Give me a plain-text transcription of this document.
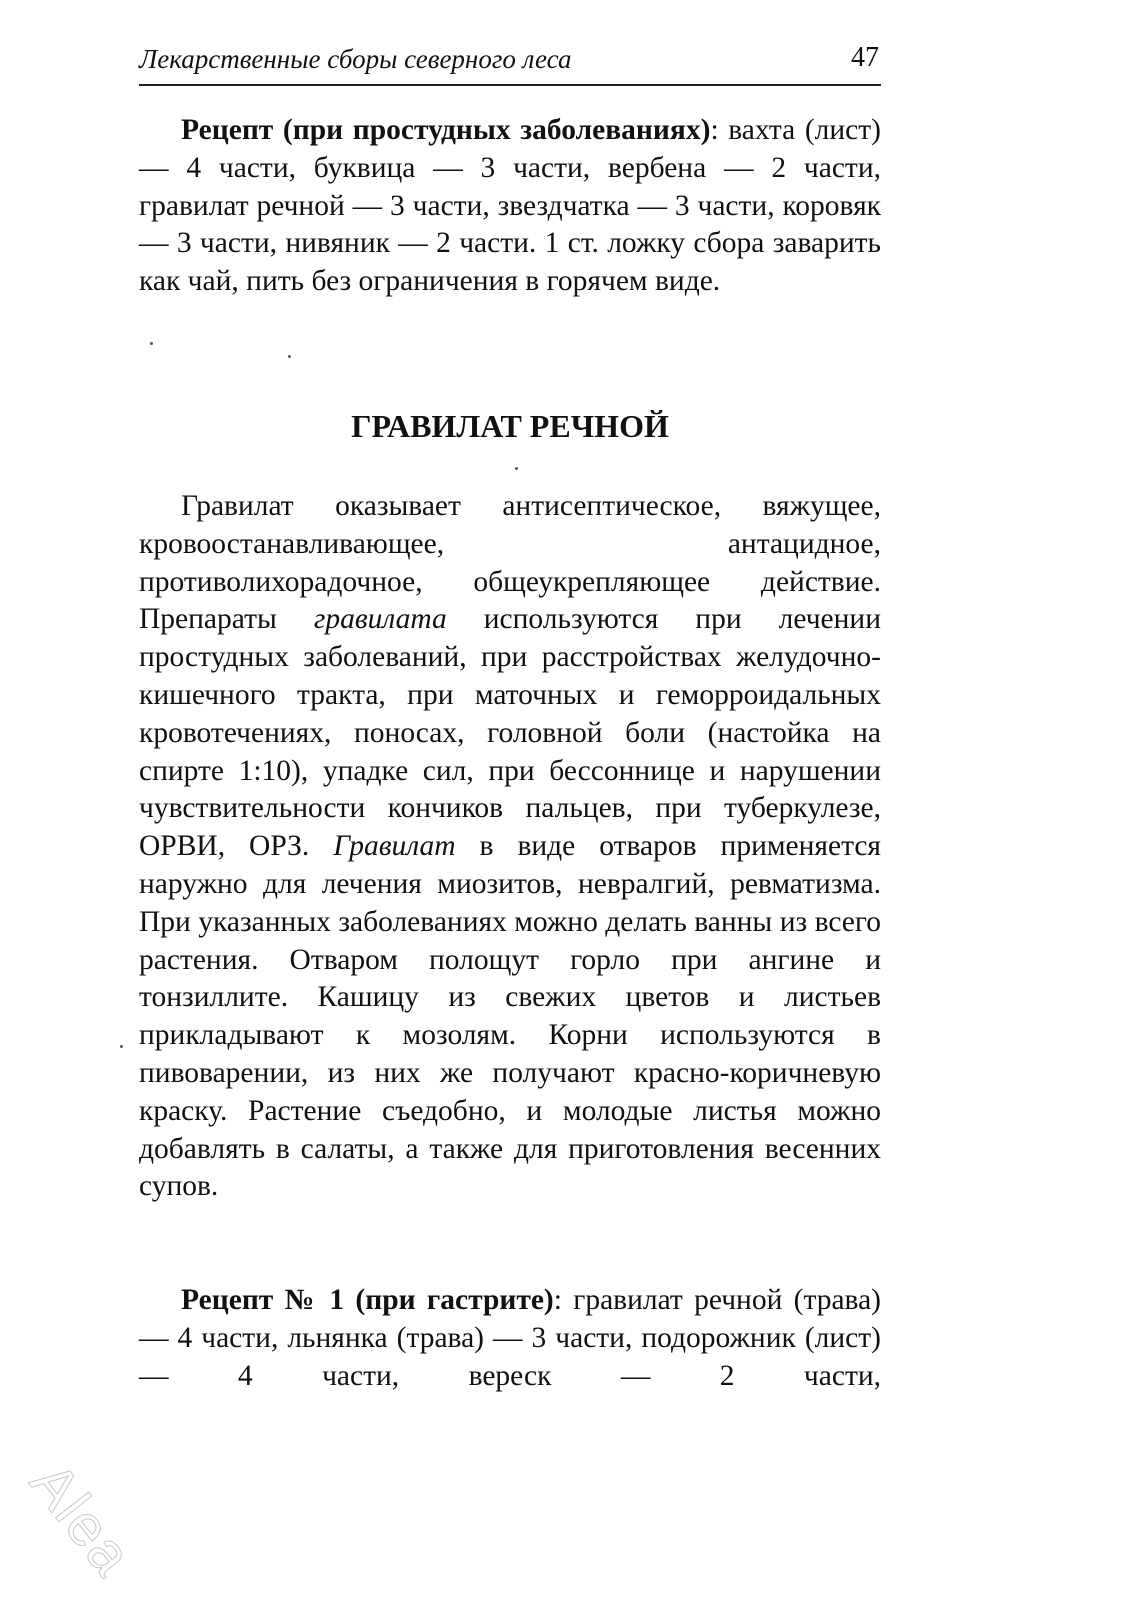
Лекарственные сборы северного леса	47
Рецепт (при простудных заболеваниях): вахта (лист) — 4 части, буквица — 3 части, вербена — 2 части, гравилат речной — 3 части, звездчатка — 3 части, коровяк — 3 части, нивяник — 2 части. 1 ст. ложку сбора заварить как чай, пить без ограничения в горячем виде.
ГРАВИЛАТ РЕЧНОЙ
Гравилат оказывает антисептическое, вяжущее, кровоостанавливающее, антацидное, противолихорадочное, общеукрепляющее действие. Препараты гравилата используются при лечении простудных заболеваний, при расстройствах желудочно-кишечного тракта, при маточных и геморроидальных кровотечениях, поносах, головной боли (настойка на спирте 1:10), упадке сил, при бессоннице и нарушении чувствительности кончиков пальцев, при туберкулезе, ОРВИ, ОРЗ. Гравилат в виде отваров применяется наружно для лечения миозитов, невралгий, ревматизма. При указанных заболеваниях можно делать ванны из всего растения. Отваром полощут горло при ангине и тонзиллите. Кашицу из свежих цветов и листьев прикладывают к мозолям. Корни используются в пивоварении, из них же получают красно-коричневую краску. Растение съедобно, и молодые листья можно добавлять в салаты, а также для приготовления весенних супов.
Рецепт № 1 (при гастрите): гравилат речной (трава) — 4 части, льнянка (трава) — 3 части, подорожник (лист) — 4 части, вереск — 2 части,
Alea
